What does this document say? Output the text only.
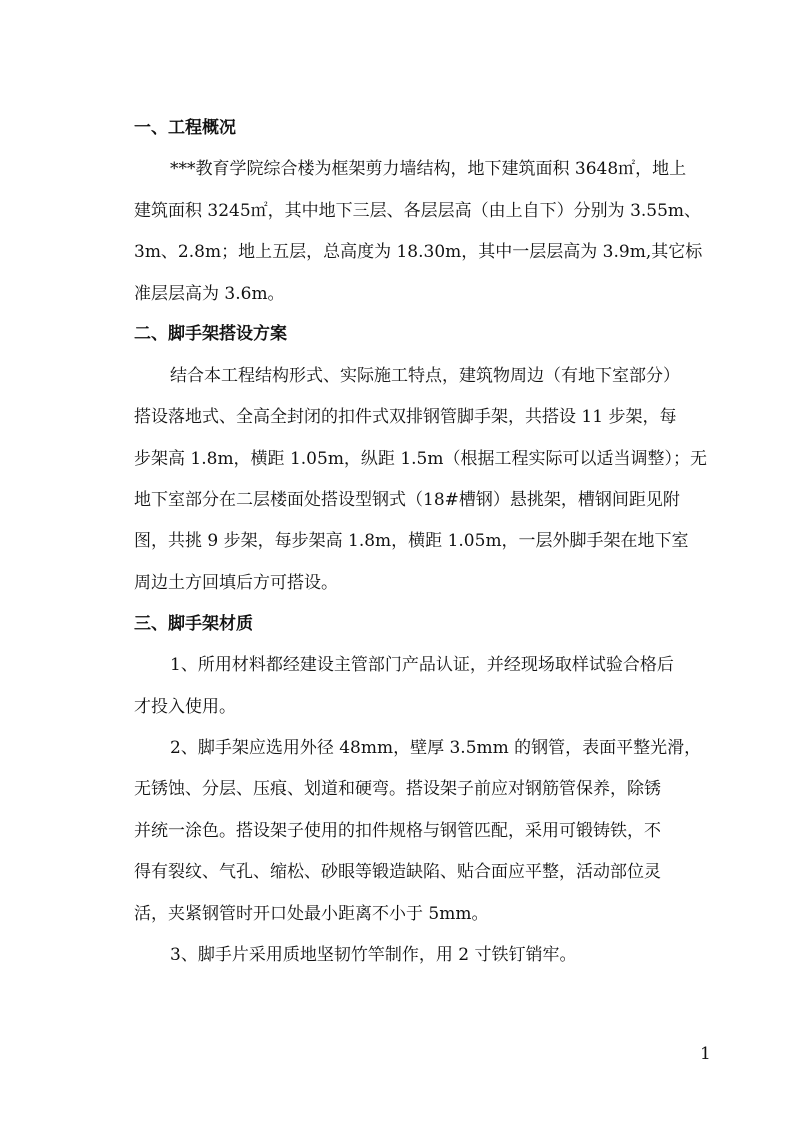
一、工程概况
***教育学院综合楼为框架剪力墙结构，地下建筑面积 3648㎡，地上
建筑面积 3245㎡，其中地下三层、各层层高（由上自下）分别为 3.55m、
3m、2.8m；地上五层，总高度为 18.30m，其中一层层高为 3.9m,其它标
准层层高为 3.6m。
二、脚手架搭设方案
结合本工程结构形式、实际施工特点，建筑物周边（有地下室部分）
搭设落地式、全高全封闭的扣件式双排钢管脚手架，共搭设 11 步架，每
步架高 1.8m，横距 1.05m，纵距 1.5m（根据工程实际可以适当调整）；无
地下室部分在二层楼面处搭设型钢式（18#槽钢）悬挑架，槽钢间距见附
图，共挑 9 步架，每步架高 1.8m，横距 1.05m，一层外脚手架在地下室
周边土方回填后方可搭设。
三、脚手架材质
1、所用材料都经建设主管部门产品认证，并经现场取样试验合格后
才投入使用。
2、脚手架应选用外径 48mm，壁厚 3.5mm 的钢管，表面平整光滑，
无锈蚀、分层、压痕、划道和硬弯。搭设架子前应对钢筋管保养，除锈
并统一涂色。搭设架子使用的扣件规格与钢管匹配，采用可锻铸铁，不
得有裂纹、气孔、缩松、砂眼等锻造缺陷、贴合面应平整，活动部位灵
活，夹紧钢管时开口处最小距离不小于 5mm。
3、脚手片采用质地坚韧竹竿制作，用 2 寸铁钉销牢。
1
